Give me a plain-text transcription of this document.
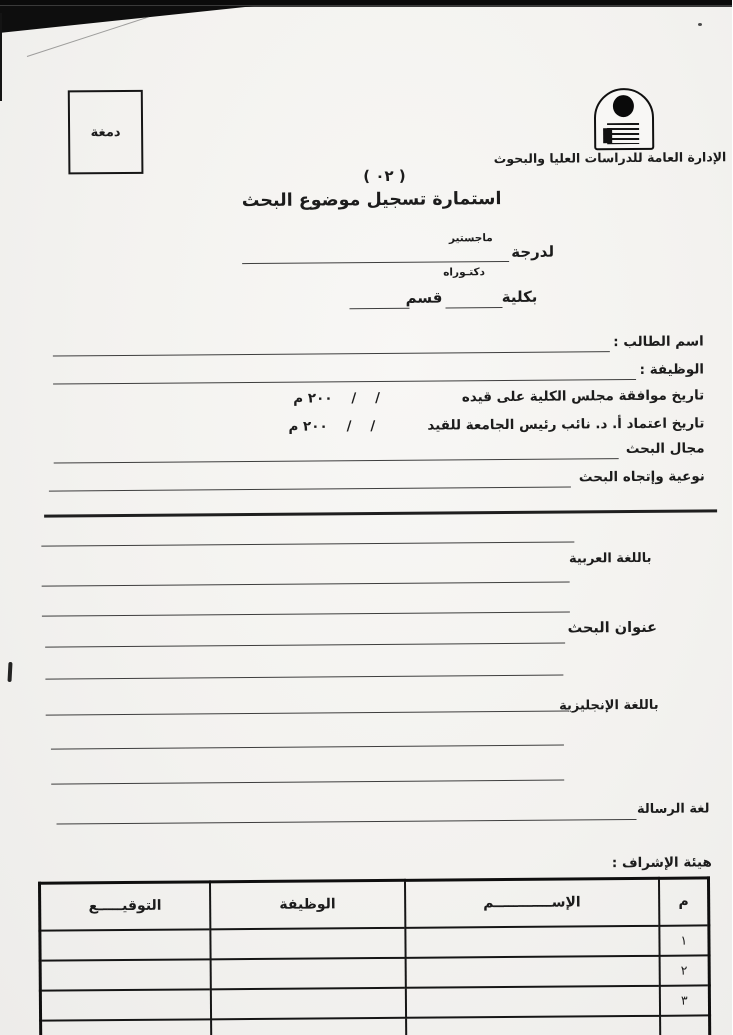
دمغة
الإدارة العامة للدراسات العليا والبحوث
( ٠٢ )
استمارة تسجيل موضوع البحث
لدرجة
ماجستير
دكتـوراه
بكلية
قسم
اسم الطالب :
الوظيفة :
تاريخ موافقة مجلس الكلية على قيده
/    /    ٢٠٠ م
تاريخ اعتماد أ. د. نائب رئيس الجامعة للقيد
/    /    ٢٠٠ م
مجال البحث
نوعية وإتجاه البحث
باللغة العربية
عنوان البحث
باللغة الإنجليزية
لغة الرسالة
هيئة الإشراف :
م	الإســــــــــــم	الوظيفة	التوقيـــــع
١			
٢			
٣			
